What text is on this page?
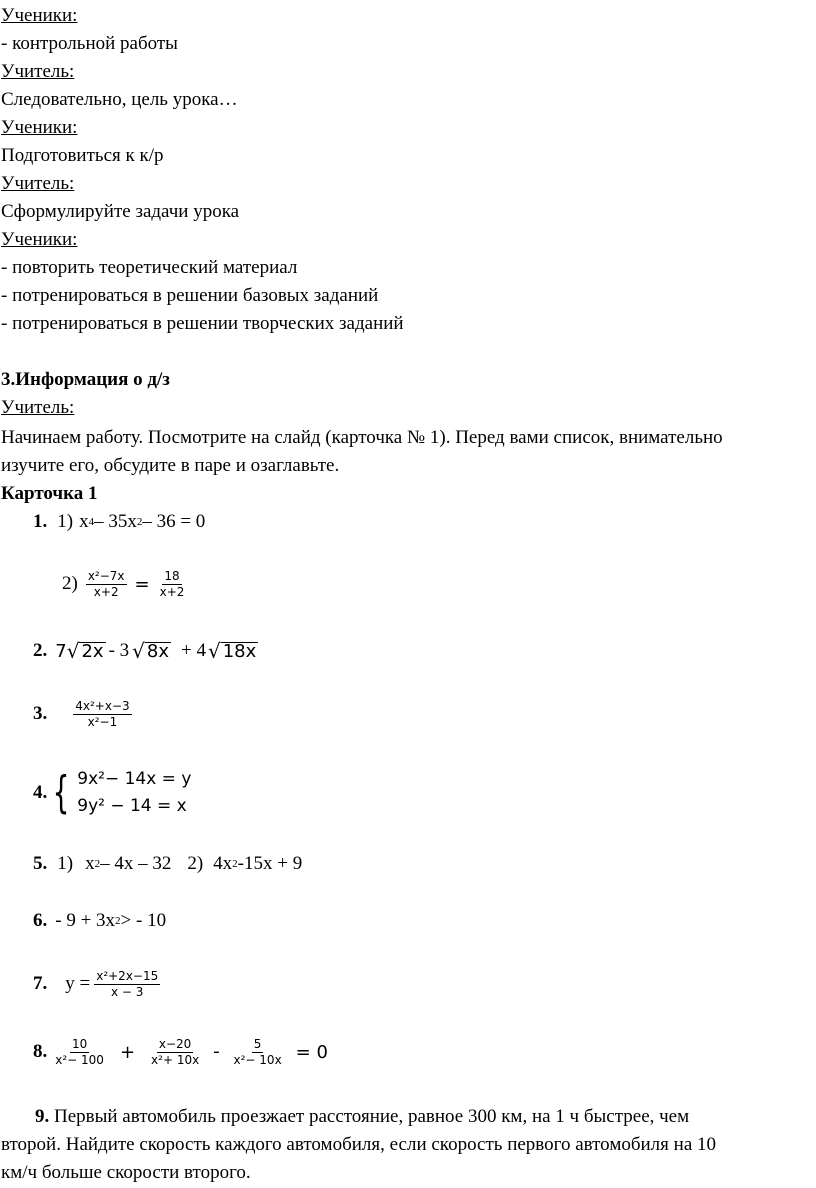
Ученики:
- контрольной работы
Учитель:
Следовательно, цель урока…
Ученики:
Подготовиться к к/р
Учитель:
Сформулируйте задачи урока
Ученики:
- повторить теоретический материал
- потренироваться в решении базовых заданий
- потренироваться в решении творческих заданий
3.Информация о д/з
Учитель:
Начинаем работу. Посмотрите на слайд (карточка № 1). Перед вами список, внимательно
изучите его, обсудите в паре и озаглавьте.
Карточка 1
1. 1) x 4 – 35x 2 – 36 = 0
$2) \frac{\text{x²−7x}}{x+2} = \frac{18}{x+2}$
2. 7 √ 2x - 3 √ 8x + 4 √ 18x
3. $\frac{\text{4x²+x−3}}{\text{x²−1}}$
4. { 9x²− 14x = y
9y² − 14 = x
5. 1) x 2 – 4x – 32 2) 4x 2 -15x + 9
6. - 9 + 3x 2 > - 10
7. $y = \frac{\text{x²+2x−15}}{x - 3}$
8. $\frac{10}{\text{x²− 100}} + \frac{x-20}{\text{x²+ 10x}} - \frac{5}{\text{x²− 10x}} = 0$
9. Первый автомобиль проезжает расстояние, равное 300 км, на 1 ч быстрее, чем
второй. Найдите скорость каждого автомобиля, если скорость первого автомобиля на 10
км/ч больше скорости второго.
